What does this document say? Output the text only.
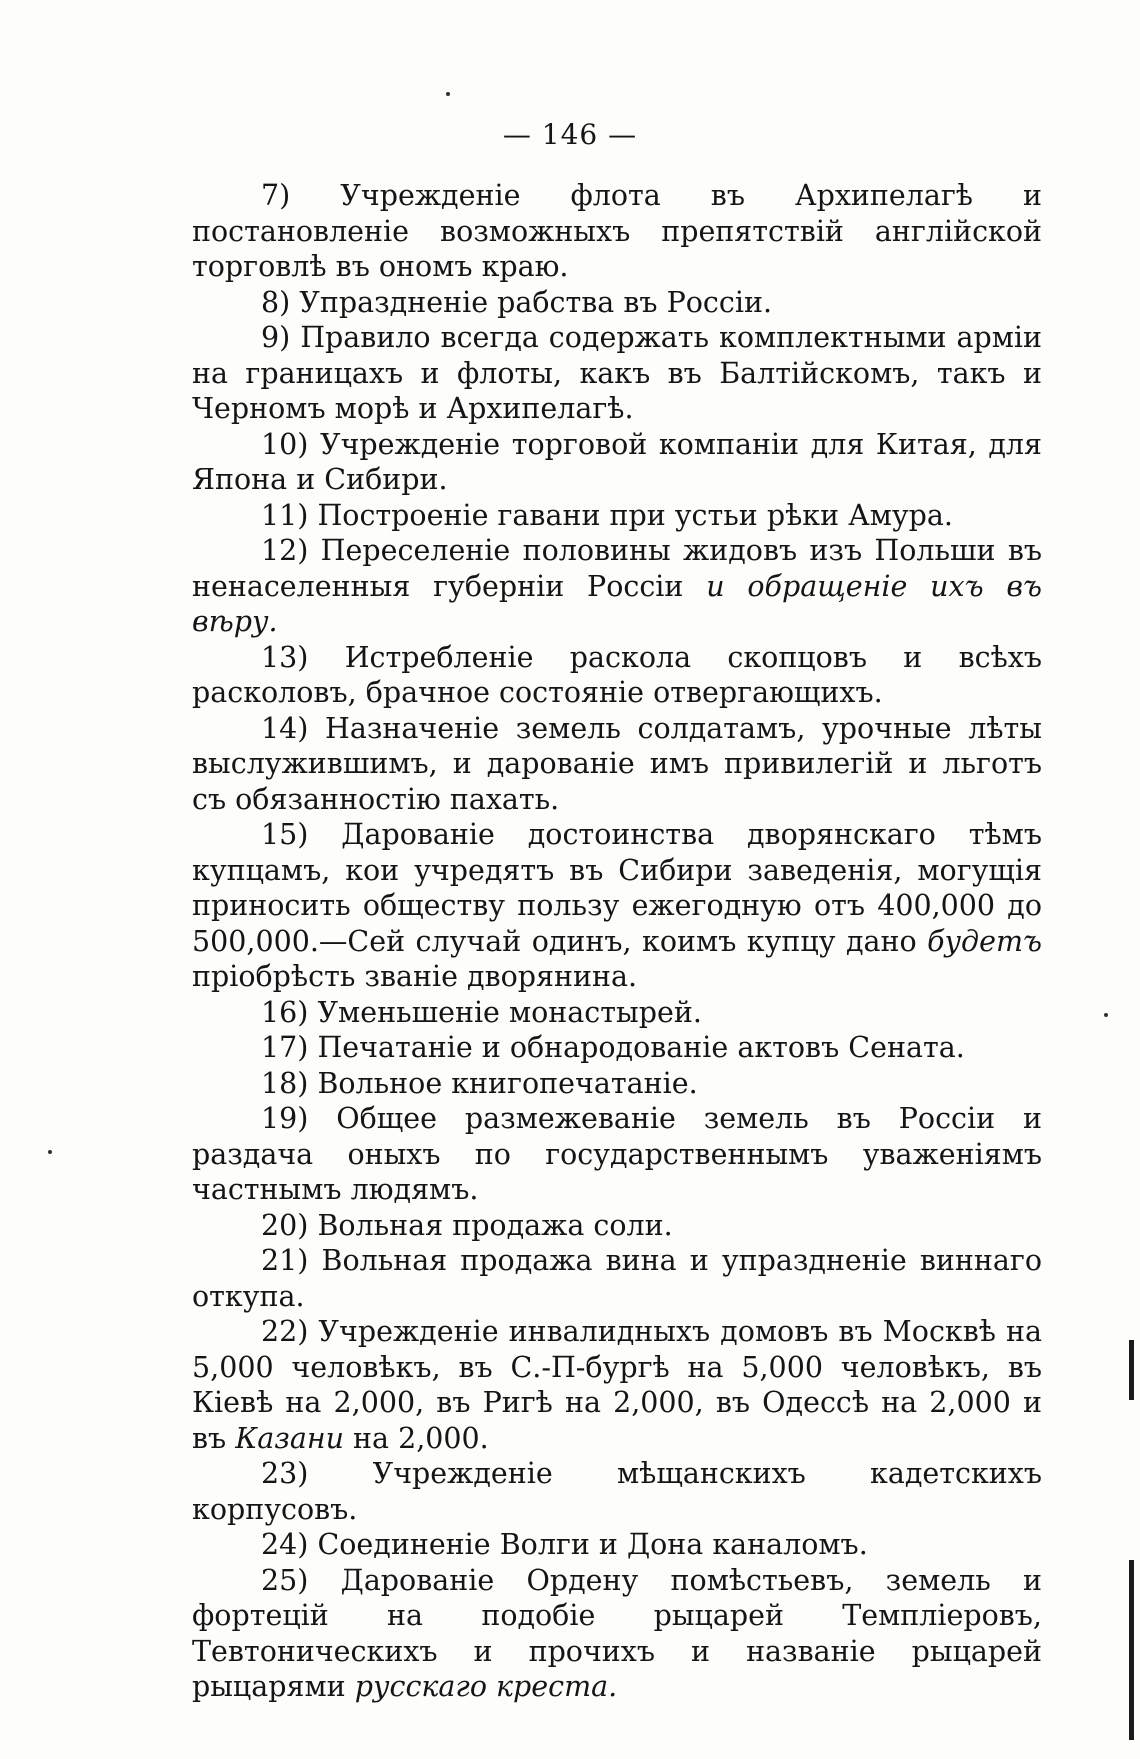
— 146 —

7) Учрежденіе флота въ Архипелагѣ и постановленіе возможныхъ препятствій англійской торговлѣ въ ономъ краю.

8) Упраздненіе рабства въ Россіи.

9) Правило всегда содержать комплектными арміи на границахъ и флоты, какъ въ Балтійскомъ, такъ и Черномъ морѣ и Архипелагѣ.

10) Учрежденіе торговой компаніи для Китая, для Япона и Сибири.

11) Построеніе гавани при устьи рѣки Амура.

12) Переселеніе половины жидовъ изъ Польши въ ненаселенныя губерніи Россіи и обращеніе ихъ въ вѣру.

13) Истребленіе раскола скопцовъ и всѣхъ расколовъ, брачное состояніе отвергающихъ.

14) Назначеніе земель солдатамъ, урочные лѣты выслужившимъ, и дарованіе имъ привилегій и льготъ съ обязанностію пахать.

15) Дарованіе достоинства дворянскаго тѣмъ купцамъ, кои учредятъ въ Сибири заведенія, могущія приносить обществу пользу ежегодную отъ 400,000 до 500,000.—Сей случай одинъ, коимъ купцу дано будетъ пріобрѣсть званіе дворянина.

16) Уменьшеніе монастырей.

17) Печатаніе и обнародованіе актовъ Сената.

18) Вольное книгопечатаніе.

19) Общее размежеваніе земель въ Россіи и раздача оныхъ по государственнымъ уваженіямъ частнымъ людямъ.

20) Вольная продажа соли.

21) Вольная продажа вина и упраздненіе виннаго откупа.

22) Учрежденіе инвалидныхъ домовъ въ Москвѣ на 5,000 человѣкъ, въ С.-П-бургѣ на 5,000 человѣкъ, въ Кіевѣ на 2,000, въ Ригѣ на 2,000, въ Одессѣ на 2,000 и въ Казани на 2,000.

23) Учрежденіе мѣщанскихъ кадетскихъ корпусовъ.

24) Соединеніе Волги и Дона каналомъ.

25) Дарованіе Ордену помѣстьевъ, земель и фортецій на подобіе рыцарей Темпліеровъ, Тевтоническихъ и прочихъ и названіе рыцарей рыцарями русскаго креста.
